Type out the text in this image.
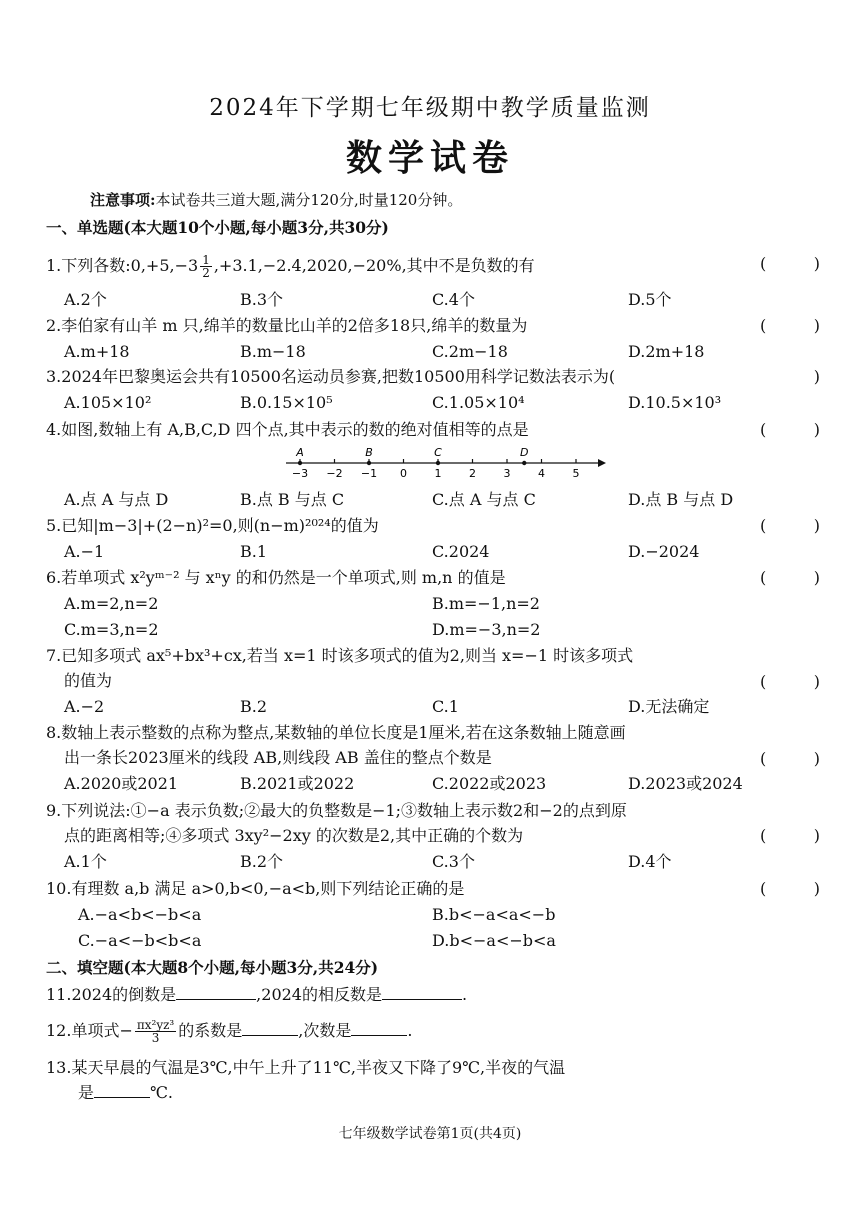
2024年下学期七年级期中教学质量监测
数学试卷
注意事项:本试卷共三道大题,满分120分,时量120分钟。
一、单选题(本大题10个小题,每小题3分,共30分)
1.下列各数:0,+5,−3 $\frac{1}{2} ,+3.1,-2.4,2020,-20\%$,其中不是负数的有	(	)
A.2个	B.3个	C.4个	D.5个
2.李伯家有山羊 m 只,绵羊的数量比山羊的2倍多18只,绵羊的数量为	(	)
A.m+18	B.m−18	C.2m−18	D.2m+18
3.2024年巴黎奥运会共有10500名运动员参赛,把数10500用科学记数法表示为(	)
A.105×10²	B.0.15×10⁵	C.1.05×10⁴	D.10.5×10³
4.如图,数轴上有 A,B,C,D 四个点,其中表示的数的绝对值相等的点是	(	)
−3 −2 −1 0	1	2	3	4	5
A	B	C	D
A.点 A 与点 D	B.点 B 与点 C	C.点 A 与点 C	D.点 B 与点 D
5.已知|m−3|+(2−n)²=0,则(n−m)²⁰²⁴的值为	(	)
A.−1	B.1	C.2024	D.−2024
6.若单项式 x²yᵐ⁻² 与 xⁿy 的和仍然是一个单项式,则 m,n 的值是	(	)
A.m=2,n=2	B.m=−1,n=2
C.m=3,n=2	D.m=−3,n=2
7.已知多项式 ax⁵+bx³+cx,若当 x=1 时该多项式的值为2,则当 x=−1 时该多项式
的值为	(	)
A.−2	B.2	C.1	D.无法确定
8.数轴上表示整数的点称为整点,某数轴的单位长度是1厘米,若在这条数轴上随意画
出一条长2023厘米的线段 AB,则线段 AB 盖住的整点个数是	(	)
A.2020或2021	B.2021或2022	C.2022或2023	D.2023或2024
9.下列说法:①−a 表示负数;②最大的负整数是−1;③数轴上表示数2和−2的点到原
点的距离相等;④多项式 3xy²−2xy 的次数是2,其中正确的个数为	(	)
A.1个	B.2个	C.3个	D.4个
10.有理数 a,b 满足 a>0,b<0,−a<b,则下列结论正确的是	(	)
A.−a<b<−b<a	B.b<−a<a<−b
C.−a<−b<b<a	D.b<−a<−b<a
二、填空题(本大题8个小题,每小题3分,共24分)
11.2024的倒数是	,2024的相反数是	.
12.单项式− $\frac{\text{πx²yz³}}{3}$ 的系数是	,次数是	.
13.某天早晨的气温是3℃,中午上升了11℃,半夜又下降了9℃,半夜的气温
是	℃.
七年级数学试卷第1页(共4页)
